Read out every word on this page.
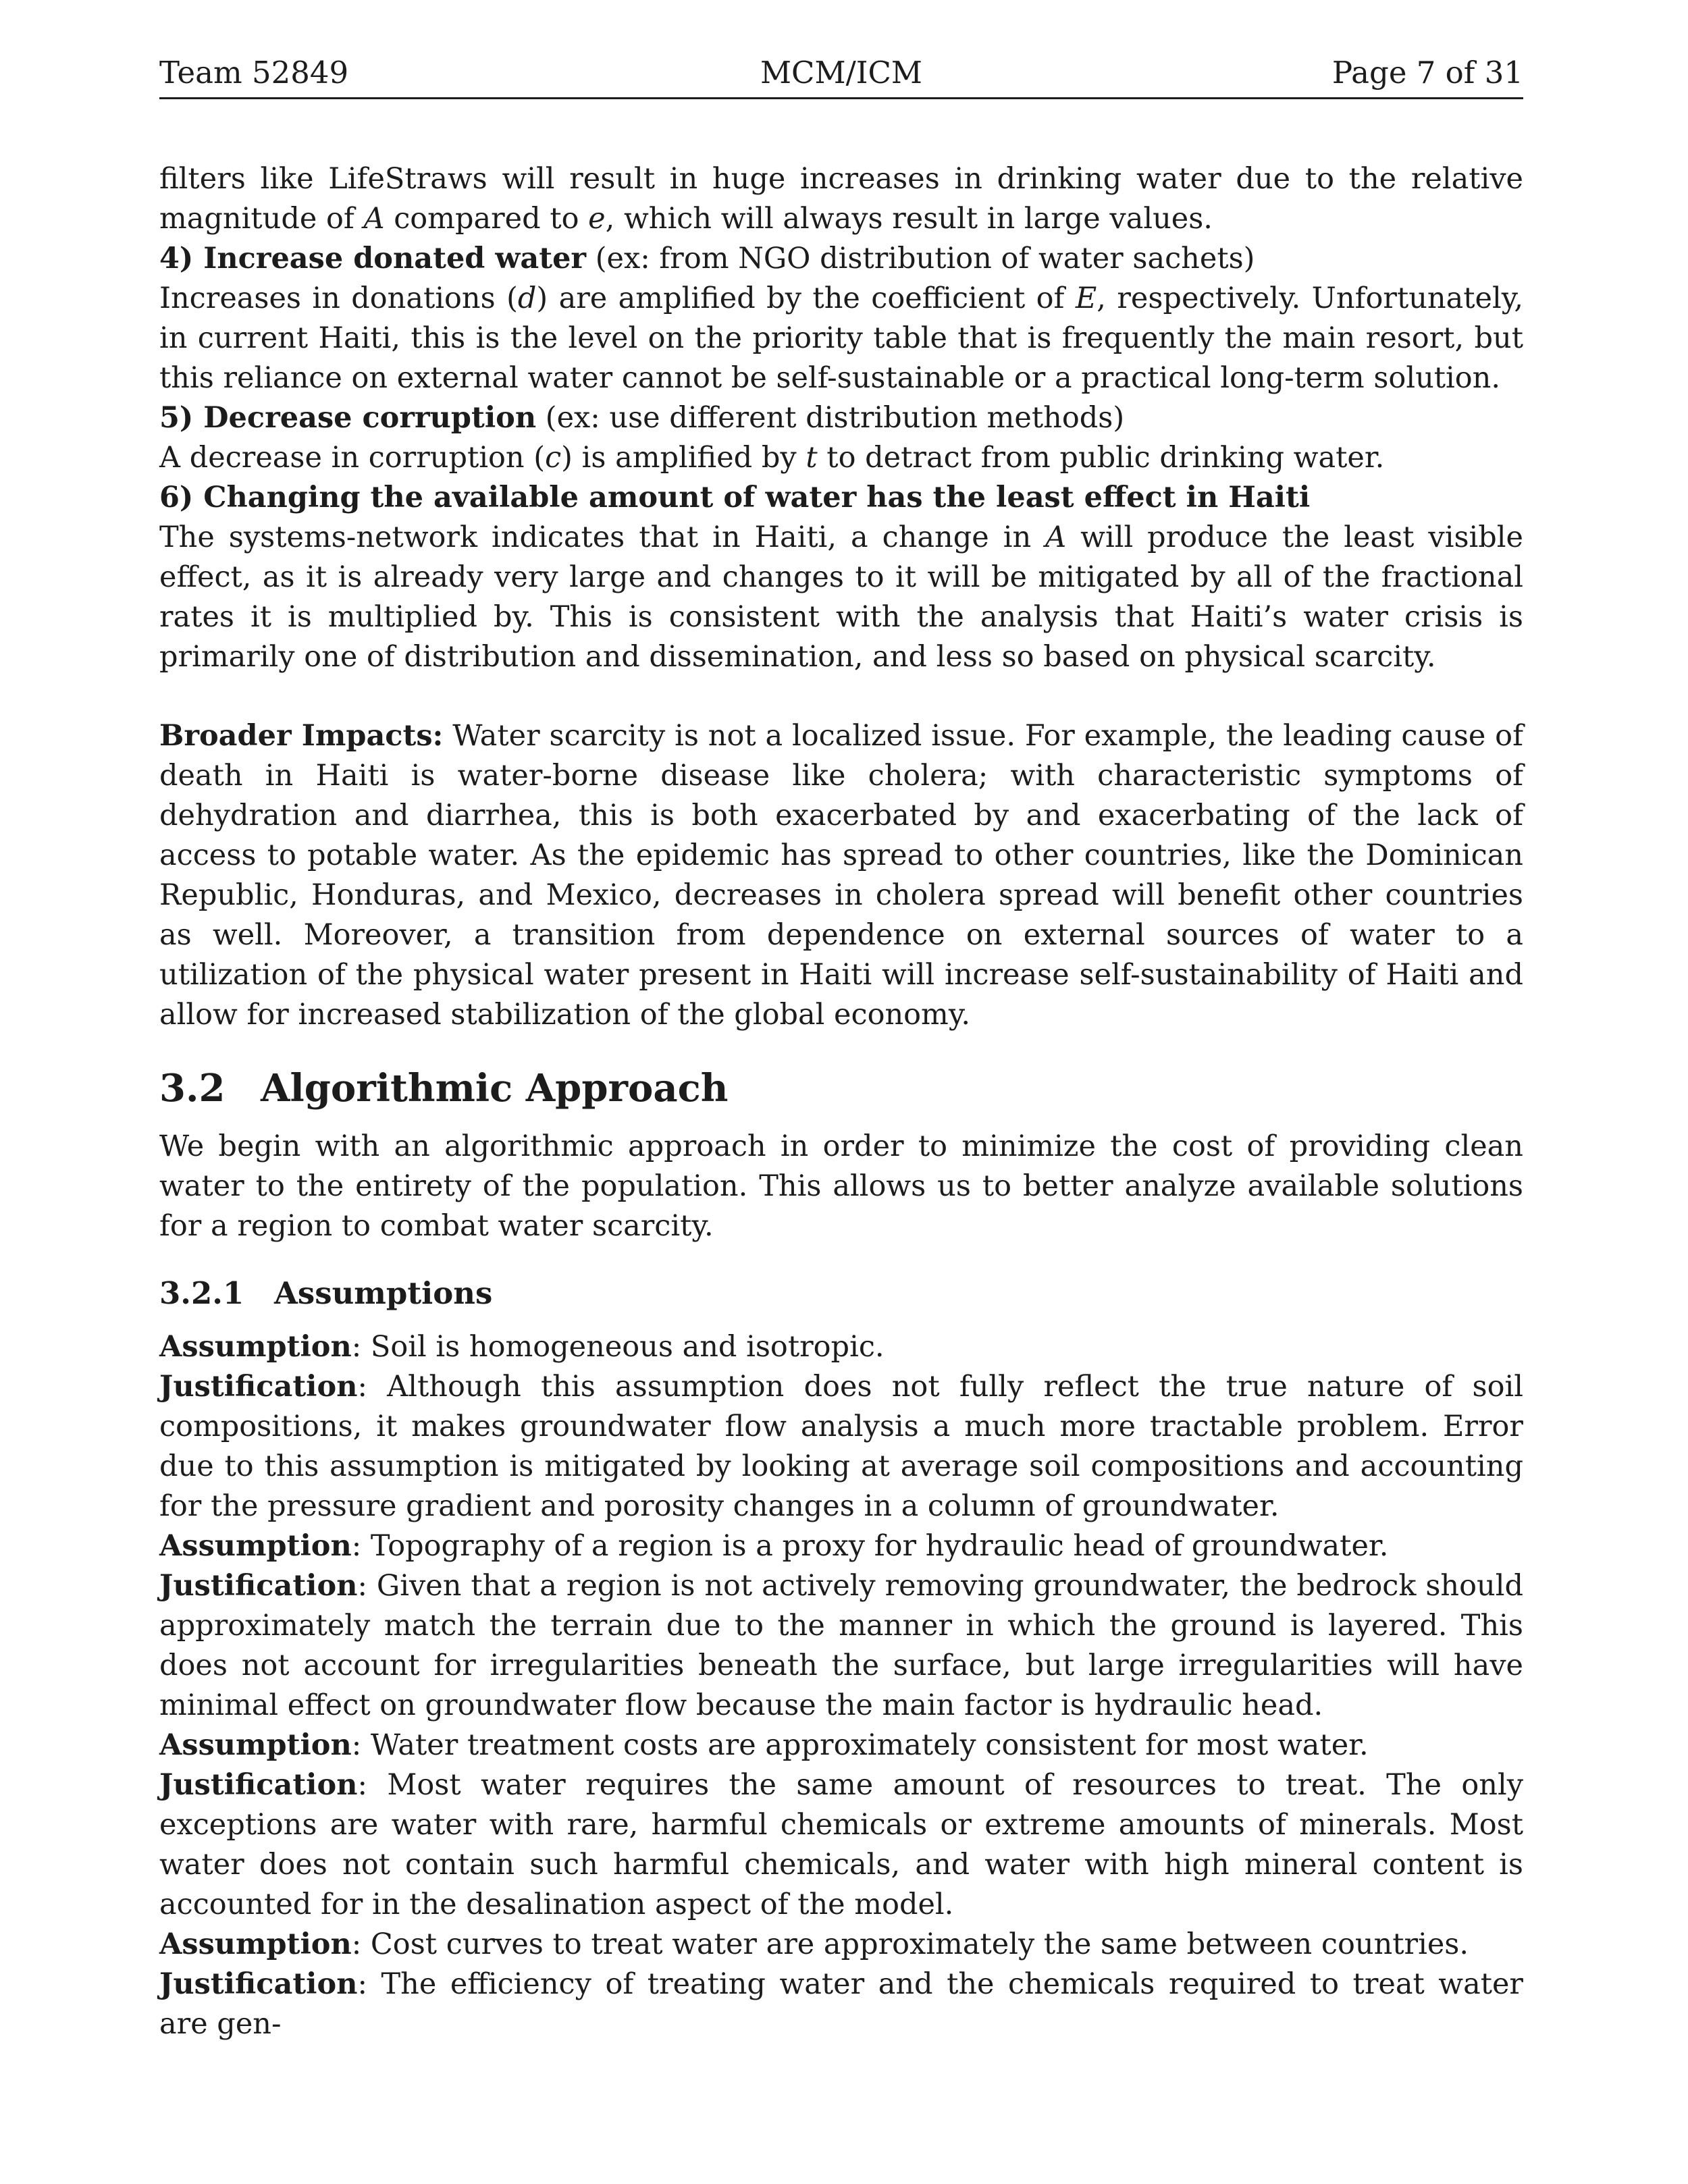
Team 52849	MCM/ICM	Page 7 of 31

filters like LifeStraws will result in huge increases in drinking water due to the relative magnitude of A compared to e, which will always result in large values.

4) Increase donated water (ex: from NGO distribution of water sachets)

Increases in donations (d) are amplified by the coefficient of E, respectively. Unfortunately, in current Haiti, this is the level on the priority table that is frequently the main resort, but this reliance on external water cannot be self-sustainable or a practical long-term solution.

5) Decrease corruption (ex: use different distribution methods)

A decrease in corruption (c) is amplified by t to detract from public drinking water.

6) Changing the available amount of water has the least effect in Haiti

The systems-network indicates that in Haiti, a change in A will produce the least visible effect, as it is already very large and changes to it will be mitigated by all of the fractional rates it is multiplied by. This is consistent with the analysis that Haiti’s water crisis is primarily one of distribution and dissemination, and less so based on physical scarcity.

Broader Impacts: Water scarcity is not a localized issue. For example, the leading cause of death in Haiti is water-borne disease like cholera; with characteristic symptoms of dehydration and diarrhea, this is both exacerbated by and exacerbating of the lack of access to potable water. As the epidemic has spread to other countries, like the Dominican Republic, Honduras, and Mexico, decreases in cholera spread will benefit other countries as well. Moreover, a transition from dependence on external sources of water to a utilization of the physical water present in Haiti will increase self-sustainability of Haiti and allow for increased stabilization of the global economy.

3.2 Algorithmic Approach

We begin with an algorithmic approach in order to minimize the cost of providing clean water to the entirety of the population. This allows us to better analyze available solutions for a region to combat water scarcity.

3.2.1 Assumptions

Assumption: Soil is homogeneous and isotropic.

Justification: Although this assumption does not fully reflect the true nature of soil compositions, it makes groundwater flow analysis a much more tractable problem. Error due to this assumption is mitigated by looking at average soil compositions and accounting for the pressure gradient and porosity changes in a column of groundwater.

Assumption: Topography of a region is a proxy for hydraulic head of groundwater.

Justification: Given that a region is not actively removing groundwater, the bedrock should approximately match the terrain due to the manner in which the ground is layered. This does not account for irregularities beneath the surface, but large irregularities will have minimal effect on groundwater flow because the main factor is hydraulic head.

Assumption: Water treatment costs are approximately consistent for most water.

Justification: Most water requires the same amount of resources to treat. The only exceptions are water with rare, harmful chemicals or extreme amounts of minerals. Most water does not contain such harmful chemicals, and water with high mineral content is accounted for in the desalination aspect of the model.

Assumption: Cost curves to treat water are approximately the same between countries.

Justification: The efficiency of treating water and the chemicals required to treat water are gen-
